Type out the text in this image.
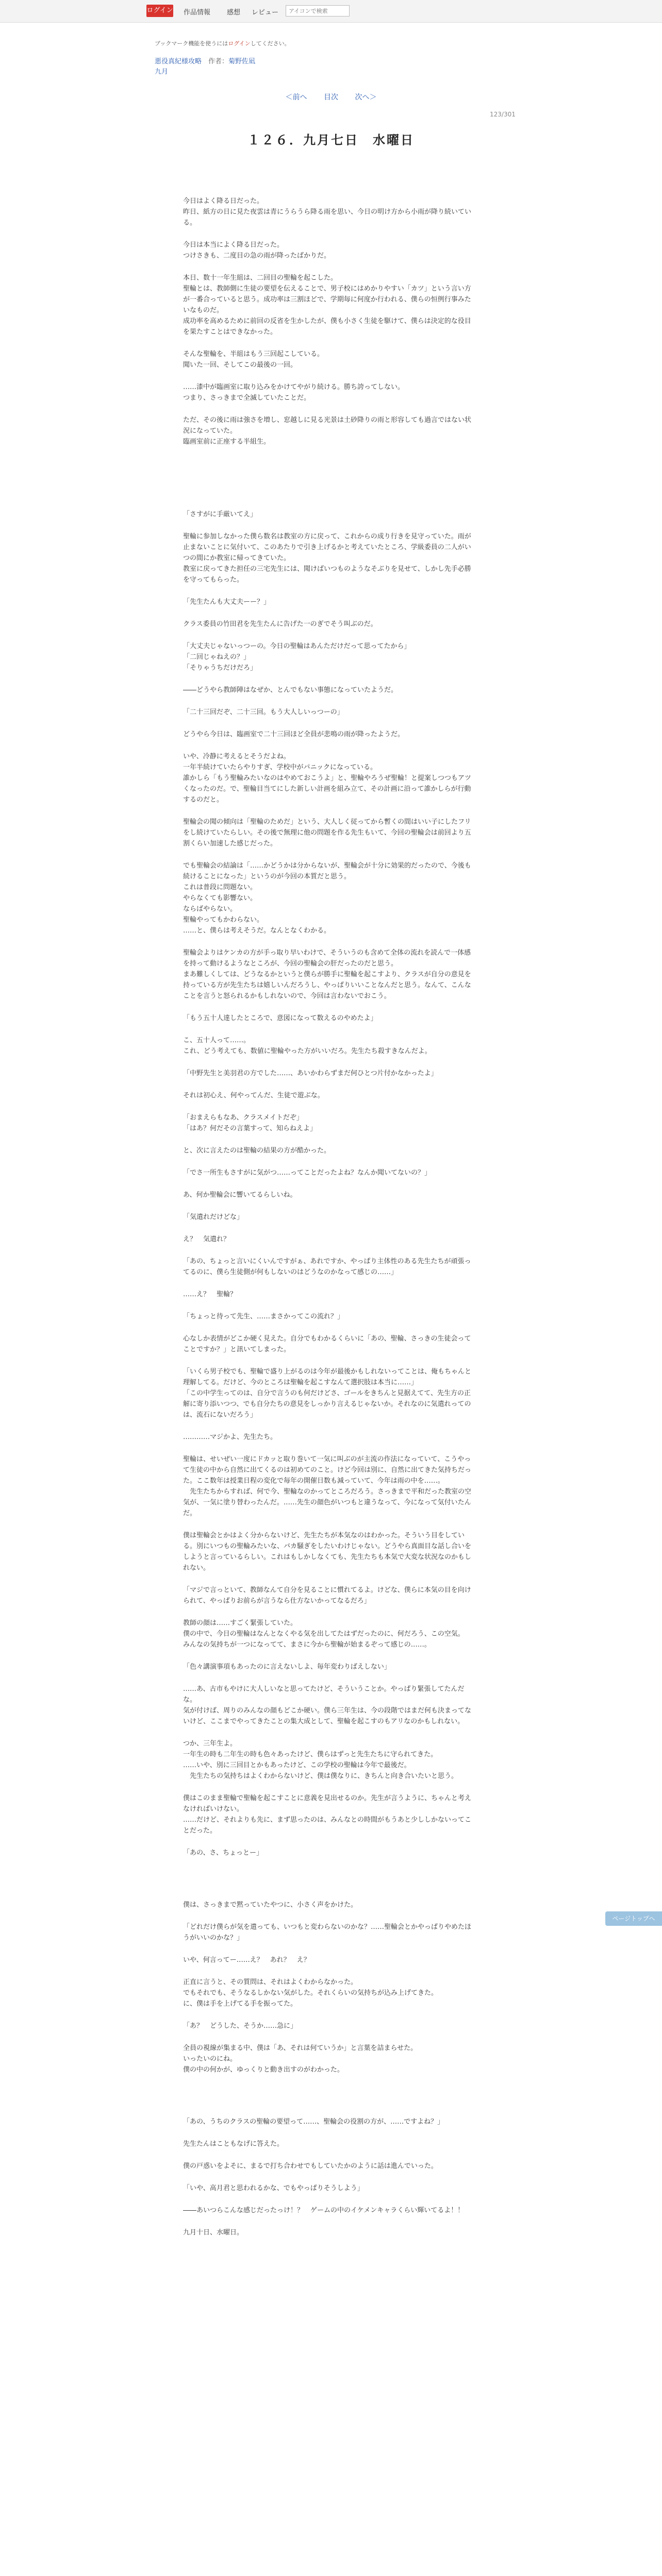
ログイン 作品情報 感想 レビュー
アイコンで検索
ブックマーク機能を使うにはログインしてください。
悪役真紀様攻略 作者：菊野佐凪
九月
＜前へ 目次 次へ＞
123/301
１２６．九月七日　水曜日

今日はよく降る日だった。
昨日、紙方の日に見た夜雲は青にうらうら降る雨を思い、今日の明け方から小雨が降り続いている。

今日は本当によく降る日だった。
つけさきも、二度目の急の雨が降ったばかりだ。

本日、数十一年生組は、二回目の聖輪を起こした。
聖輪とは、教師側に生徒の要望を伝えることで、男子校にはめかりやすい「カツ」という言い方が一番合っていると思う。成功率は三割ほどで、学期毎に何度か行われる、僕らの恒例行事みたいなものだ。
成功率を高めるために前回の反省を生かしたが、僕も小さく生徒を駆けて、僕らは決定的な役目を果たすことはできなかった。

そんな聖輪を、半組はもう三回起こしている。
聞いた一回、そしてこの最後の一回。

……漆中が臨画室に取り込みをかけてやがり続ける。勝ち誇ってしない。
つまり、さっきまで全滅していたことだ。

ただ、その後に雨は強さを増し、窓越しに見る光景は土砂降りの雨と形容しても過言ではない状況になっていた。
臨画室前に正座する半組生。

「さすがに手厳いてえ」

聖輪に参加しなかった僕ら数名は教室の方に戻って、これからの成り行きを見守っていた。雨が止まないことに気付いて、このあたりで引き上げるかと考えていたところ、学級委員の二人がいつの間にか教室に帰ってきていた。
教室に戻ってきた担任の三宅先生には、聞けばいつものようなそぶりを見せて、しかし先手必勝を守ってもらった。

「先生たんも大丈夫ーー？」

クラス委員の竹田君を先生たんに告げた一のぎでそう叫ぶのだ。

「大丈夫じゃないっつーの。今日の聖輪はあんただけだって思ってたから」
「二回じゃねえの？」
「そりゃうちだけだろ」

――どうやら教師陣はなぜか、とんでもない事態になっていたようだ。

「二十三回だぞ、二十三回。もう大人しいっつーの」

どうやら今日は、臨画室で二十三回ほど全員が悲鳴の雨が降ったようだ。

いや、冷静に考えるとそうだよね。
一年半続けていたらやりすぎ、学校中がパニックになっている。
誰かしら「もう聖輪みたいなのはやめておこうよ」と、聖輪やろうぜ聖輪！と提案しつつもアツくなったのだ。で、聖輪目当てにした新しい計画を組み立て、その計画に沿って誰かしらが行動するのだと。

聖輪会の聞の傾向は「聖輪のためだ」という、大人しく従ってから暫くの間はいい子にしたフリをし続けていたらしい。その後で無理に他の問題を作る先生もいて、今回の聖輪会は前回より五割くらい加速した感じだった。

でも聖輪会の結論は「……かどうかは分からないが、聖輪会が十分に効果的だったので、今後も続けることになった」というのが今回の本質だと思う。
これは普段に問題ない。
やらなくても影響ない。
ならばやらない。
聖輪やってもかわらない。
……と、僕らは考えそうだ。なんとなくわかる。

聖輪会よりはケンカの方が手っ取り早いわけで、そういうのも含めて全体の流れを読んで一体感を持って動けるようなところが、今回の聖輪会の肝だったのだと思う。
まあ難しくしては、どうなるかというと僕らが勝手に聖輪を起こすより、クラスが自分の意見を持っている方が先生たちは嬉しいんだろうし、やっぱりいいことなんだと思う。なんて、こんなことを言うと怒られるかもしれないので、今回は言わないでおこう。

「もう五十人達したところで、意図になって数えるのやめたよ」

こ、五十人って……。
これ、どう考えても、数値に聖輪やった方がいいだろ。先生たち殺すきなんだよ。

「中野先生と美羽君の方でした……、あいかわらずまだ何ひとつ片付かなかったよ」

それは初心え、何やってんだ、生徒で遊ぶな。

「おまえらもなあ、クラスメイトだぞ」
「はあ？何だその言葉すって、知らねえよ」

と、次に言えたのは聖輪の結果の方が酷かった。

「でさ一所生もさすがに気がつ……ってことだったよね？なんか聞いてないの？」

あ、何か聖輪会に響いてるらしいね。

「気遣れだけどな」

え？　気遣れ？

「あの、ちょっと言いにくいんですがぁ、あれですか、やっぱり主体性のある先生たちが頑張ってるのに、僕ら生徒側が何もしないのはどうなのかなって感じの……」

……え？　聖輪？

「ちょっと待って先生、……まさかってこの流れ？」

心なしか表情がどこか硬く見えた。自分でもわかるくらいに「あの、聖輪、さっきの生徒会ってことですか？」と訊いてしまった。

「いくら男子校でも、聖輪で盛り上がるのは今年が最後かもしれないってことは、俺もちゃんと理解してる。だけど、今のところは聖輪を起こすなんて選択肢は本当に……」
「この中学生ってのは、自分で言うのも何だけどさ、ゴールをきちんと見据えてて、先生方の正解に寄り添いつつ、でも自分たちの意見をしっかり言えるじゃないか。それなのに気遣れってのは、流石にないだろう」

…………マジかよ、先生たち。

聖輪は、せいぜい一度にドカッと取り巻いて一気に叫ぶのが主流の作法になっていて、こうやって生徒の中から自然に出てくるのは初めてのこと。けど今回は別に、自然に出てきた気持ちだった。ここ数年は授業日程の変化で毎年の開催日数も減っていて、今年は雨の中を……。
　先生たちからすれば、何で今、聖輪なのかってところだろう。さっきまで平和だった教室の空気が、一気に塗り替わったんだ。……先生の顔色がいつもと違うなって、今になって気付いたんだ。

僕は聖輪会とかはよく分からないけど、先生たちが本気なのはわかった。そういう目をしている。別にいつもの聖輪みたいな、バカ騒ぎをしたいわけじゃない。どうやら真面目な話し合いをしようと言っているらしい。これはもしかしなくても、先生たちも本気で大変な状況なのかもしれない。

「マジで言っといて、教師なんて自分を見ることに慣れてるよ。けどな、僕らに本気の目を向けられて、やっぱりお前らが言うなら仕方ないかってなるだろ」

教師の顔は……すごく緊張していた。
僕の中で、今日の聖輪はなんとなくやる気を出してたはずだったのに、何だろう、この空気。
みんなの気持ちが一つになってて、まさに今から聖輪が始まるぞって感じの……。

「色々講演事項もあったのに言えないしよ、毎年変わりばえしない」

……あ、古市もやけに大人しいなと思ってたけど、そういうことか。やっぱり緊張してたんだな。
気が付けば、周りのみんなの顔もどこか硬い。僕ら三年生は、今の段階ではまだ何も決まってないけど、ここまでやってきたことの集大成として、聖輪を起こすのもアリなのかもしれない。

つか、三年生よ。
一年生の時も二年生の時も色々あったけど、僕らはずっと先生たちに守られてきた。
……いや、別に三回目とかもあったけど、この学校の聖輪は今年で最後だ。
　先生たちの気持ちはよくわからないけど、僕は僕なりに、きちんと向き合いたいと思う。

僕はこのまま聖輪で聖輪を起こすことに意義を見出せるのか。先生が言うように、ちゃんと考えなければいけない。
……だけど、それよりも先に、まず思ったのは、みんなとの時間がもうあと少ししかないってことだった。

「あの、さ、ちょっとー」

僕は、さっきまで黙っていたやつに、小さく声をかけた。

「どれだけ僕らが気を遣っても、いつもと変わらないのかな？……聖輪会とかやっぱりやめたほうがいいのかな？」

いや、何言ってー……え？　あれ？　え？

正直に言うと、その質問は、それはよくわからなかった。
でもそれでも、そうなるしかない気がした。それくらいの気持ちが込み上げてきた。
に、僕は手を上げてる手を振ってた。

「あ？　どうした、そうか……急に」

全員の視線が集まる中、僕は「あ、それは何ていうか」と言葉を詰まらせた。
いったいのにね。
僕の中の何かが、ゆっくりと動き出すのがわかった。

「あの、うちのクラスの聖輪の要望って……、聖輪会の役割の方が、……ですよね？」

先生たんはこともなげに答えた。

僕の戸惑いをよそに、まるで打ち合わせでもしていたかのように話は進んでいった。

「いや、高月君と思われるかな、でもやっぱりそうしよう」

――あいつらこんな感じだったっけ！？　ゲームの中のイケメンキャラくらい輝いてるよ！！

九月十日、水曜日。

ページトップへ
